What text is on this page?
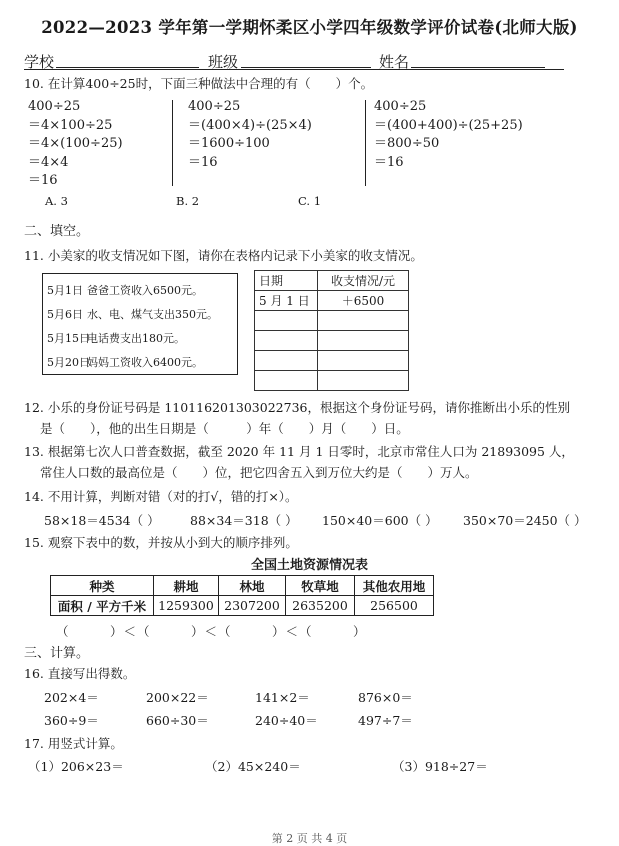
2022—2023 学年第一学期怀柔区小学四年级数学评价试卷(北师大版)
学校	班级	姓名
10. 在计算400÷25时，下面三种做法中合理的有（　　）个。
400÷25
＝4×100÷25
＝4×(100÷25)
＝4×4
＝16
400÷25
＝(400×4)÷(25×4)
＝1600÷100
＝16
400÷25
＝(400+400)÷(25+25)
＝800÷50
＝16
A. 3	B. 2	C. 1
二、填空。
11. 小美家的收支情况如下图，请你在表格内记录下小美家的收支情况。
5月1日 爸爸工资收入6500元。
5月6日 水、电、煤气支出350元。
5月15日电话费支出180元。
5月20日妈妈工资收入6400元。
日期	收支情况/元
5 月 1 日	＋6500

12. 小乐的身份证号码是 110116201303022736，根据这个身份证号码，请你推断出小乐的性别
是（　　），他的出生日期是（　　　）年（　　）月（　　）日。
13. 根据第七次人口普查数据，截至 2020 年 11 月 1 日零时，北京市常住人口为 21893095 人，
常住人口数的最高位是（　　）位，把它四舍五入到万位大约是（　　）万人。
14. 不用计算，判断对错（对的打√，错的打×）。
58×18＝4534（ ） 88×34＝318（ ） 150×40＝600（ ） 350×70＝2450（ ）
15. 观察下表中的数，并按从小到大的顺序排列。
全国土地资源情况表
种类	耕地	林地	牧草地	其他农用地
面积 / 平方千米	1259300	2307200	2635200	256500
（　　　）＜（　　　）＜（　　　）＜（　　　）
三、计算。
16. 直接写出得数。
202×4＝	200×22＝	141×2＝	876×0＝
360÷9＝	660÷30＝	240÷40＝	497÷7＝
17. 用竖式计算。
（1）206×23＝	（2）45×240＝	（3）918÷27＝
第 2 页 共 4 页
